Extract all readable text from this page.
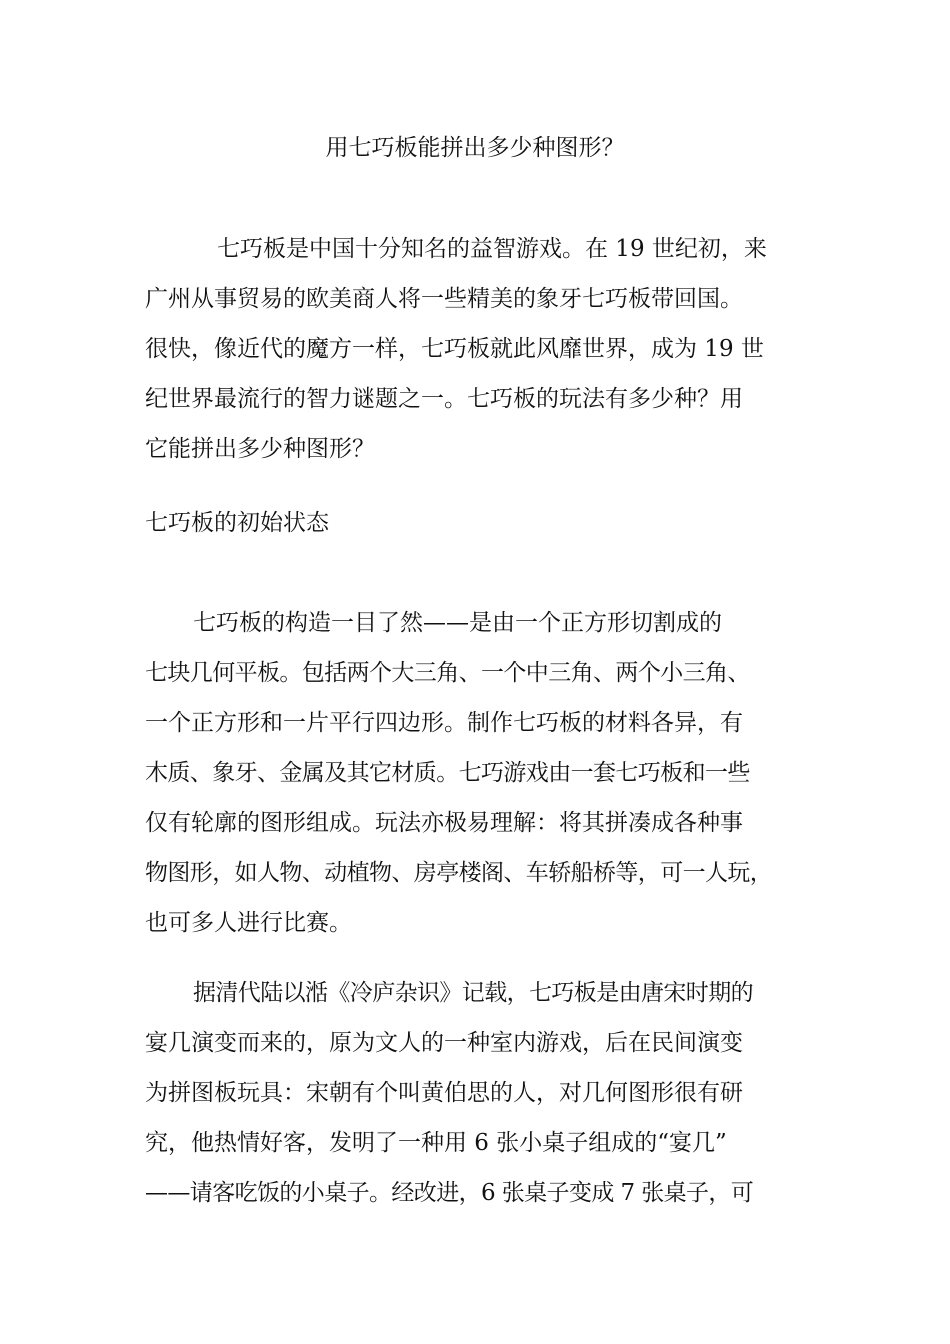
用七巧板能拼出多少种图形？
七巧板是中国十分知名的益智游戏。在 19 世纪初，来
广州从事贸易的欧美商人将一些精美的象牙七巧板带回国。
很快，像近代的魔方一样，七巧板就此风靡世界，成为 19 世
纪世界最流行的智力谜题之一。七巧板的玩法有多少种？用
它能拼出多少种图形？
七巧板的初始状态
七巧板的构造一目了然——是由一个正方形切割成的
七块几何平板。包括两个大三角、一个中三角、两个小三角、
一个正方形和一片平行四边形。制作七巧板的材料各异，有
木质、象牙、金属及其它材质。七巧游戏由一套七巧板和一些
仅有轮廓的图形组成。玩法亦极易理解：将其拼凑成各种事
物图形，如人物、动植物、房亭楼阁、车轿船桥等，可一人玩，
也可多人进行比赛。
据清代陆以湉《冷庐杂识》记载，七巧板是由唐宋时期的
宴几演变而来的，原为文人的一种室内游戏，后在民间演变
为拼图板玩具：宋朝有个叫黄伯思的人，对几何图形很有研
究，他热情好客，发明了一种用 6 张小桌子组成的“宴几”
——请客吃饭的小桌子。经改进，6 张桌子变成 7 张桌子，可
